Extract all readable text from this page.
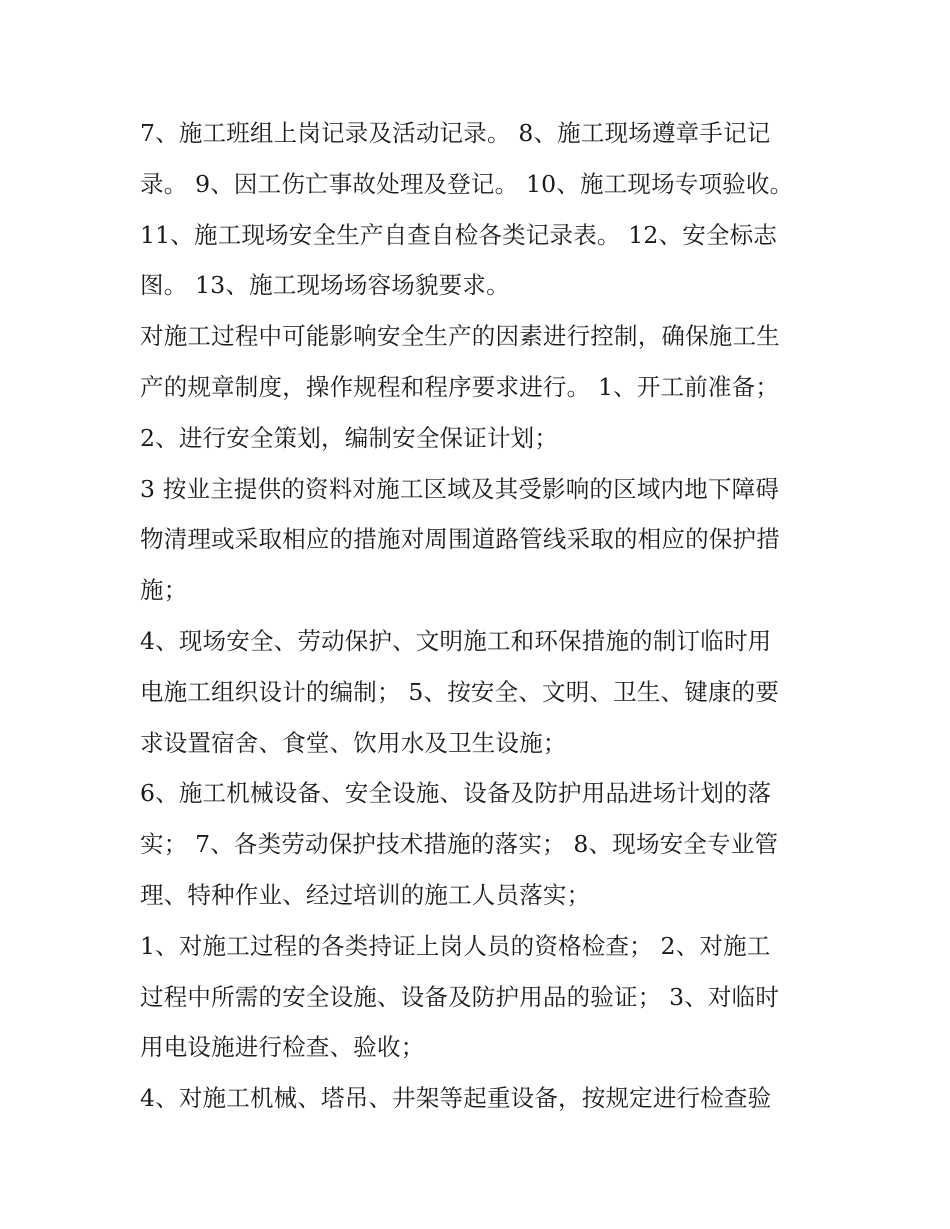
7、施工班组上岗记录及活动记录。 8、施工现场遵章手记记
录。 9、因工伤亡事故处理及登记。 10、施工现场专项验收。
11、施工现场安全生产自查自检各类记录表。 12、安全标志
图。 13、施工现场场容场貌要求。

对施工过程中可能影响安全生产的因素进行控制，确保施工生
产的规章制度，操作规程和程序要求进行。 1、开工前准备；

2、进行安全策划，编制安全保证计划；

3 按业主提供的资料对施工区域及其受影响的区域内地下障碍
物清理或采取相应的措施对周围道路管线采取的相应的保护措
施；

4、现场安全、劳动保护、文明施工和环保措施的制订临时用
电施工组织设计的编制； 5、按安全、文明、卫生、键康的要
求设置宿舍、食堂、饮用水及卫生设施；

6、施工机械设备、安全设施、设备及防护用品进场计划的落
实； 7、各类劳动保护技术措施的落实； 8、现场安全专业管
理、特种作业、经过培训的施工人员落实；

1、对施工过程的各类持证上岗人员的资格检查； 2、对施工
过程中所需的安全设施、设备及防护用品的验证； 3、对临时
用电设施进行检查、验收；

4、对施工机械、塔吊、井架等起重设备，按规定进行检查验
